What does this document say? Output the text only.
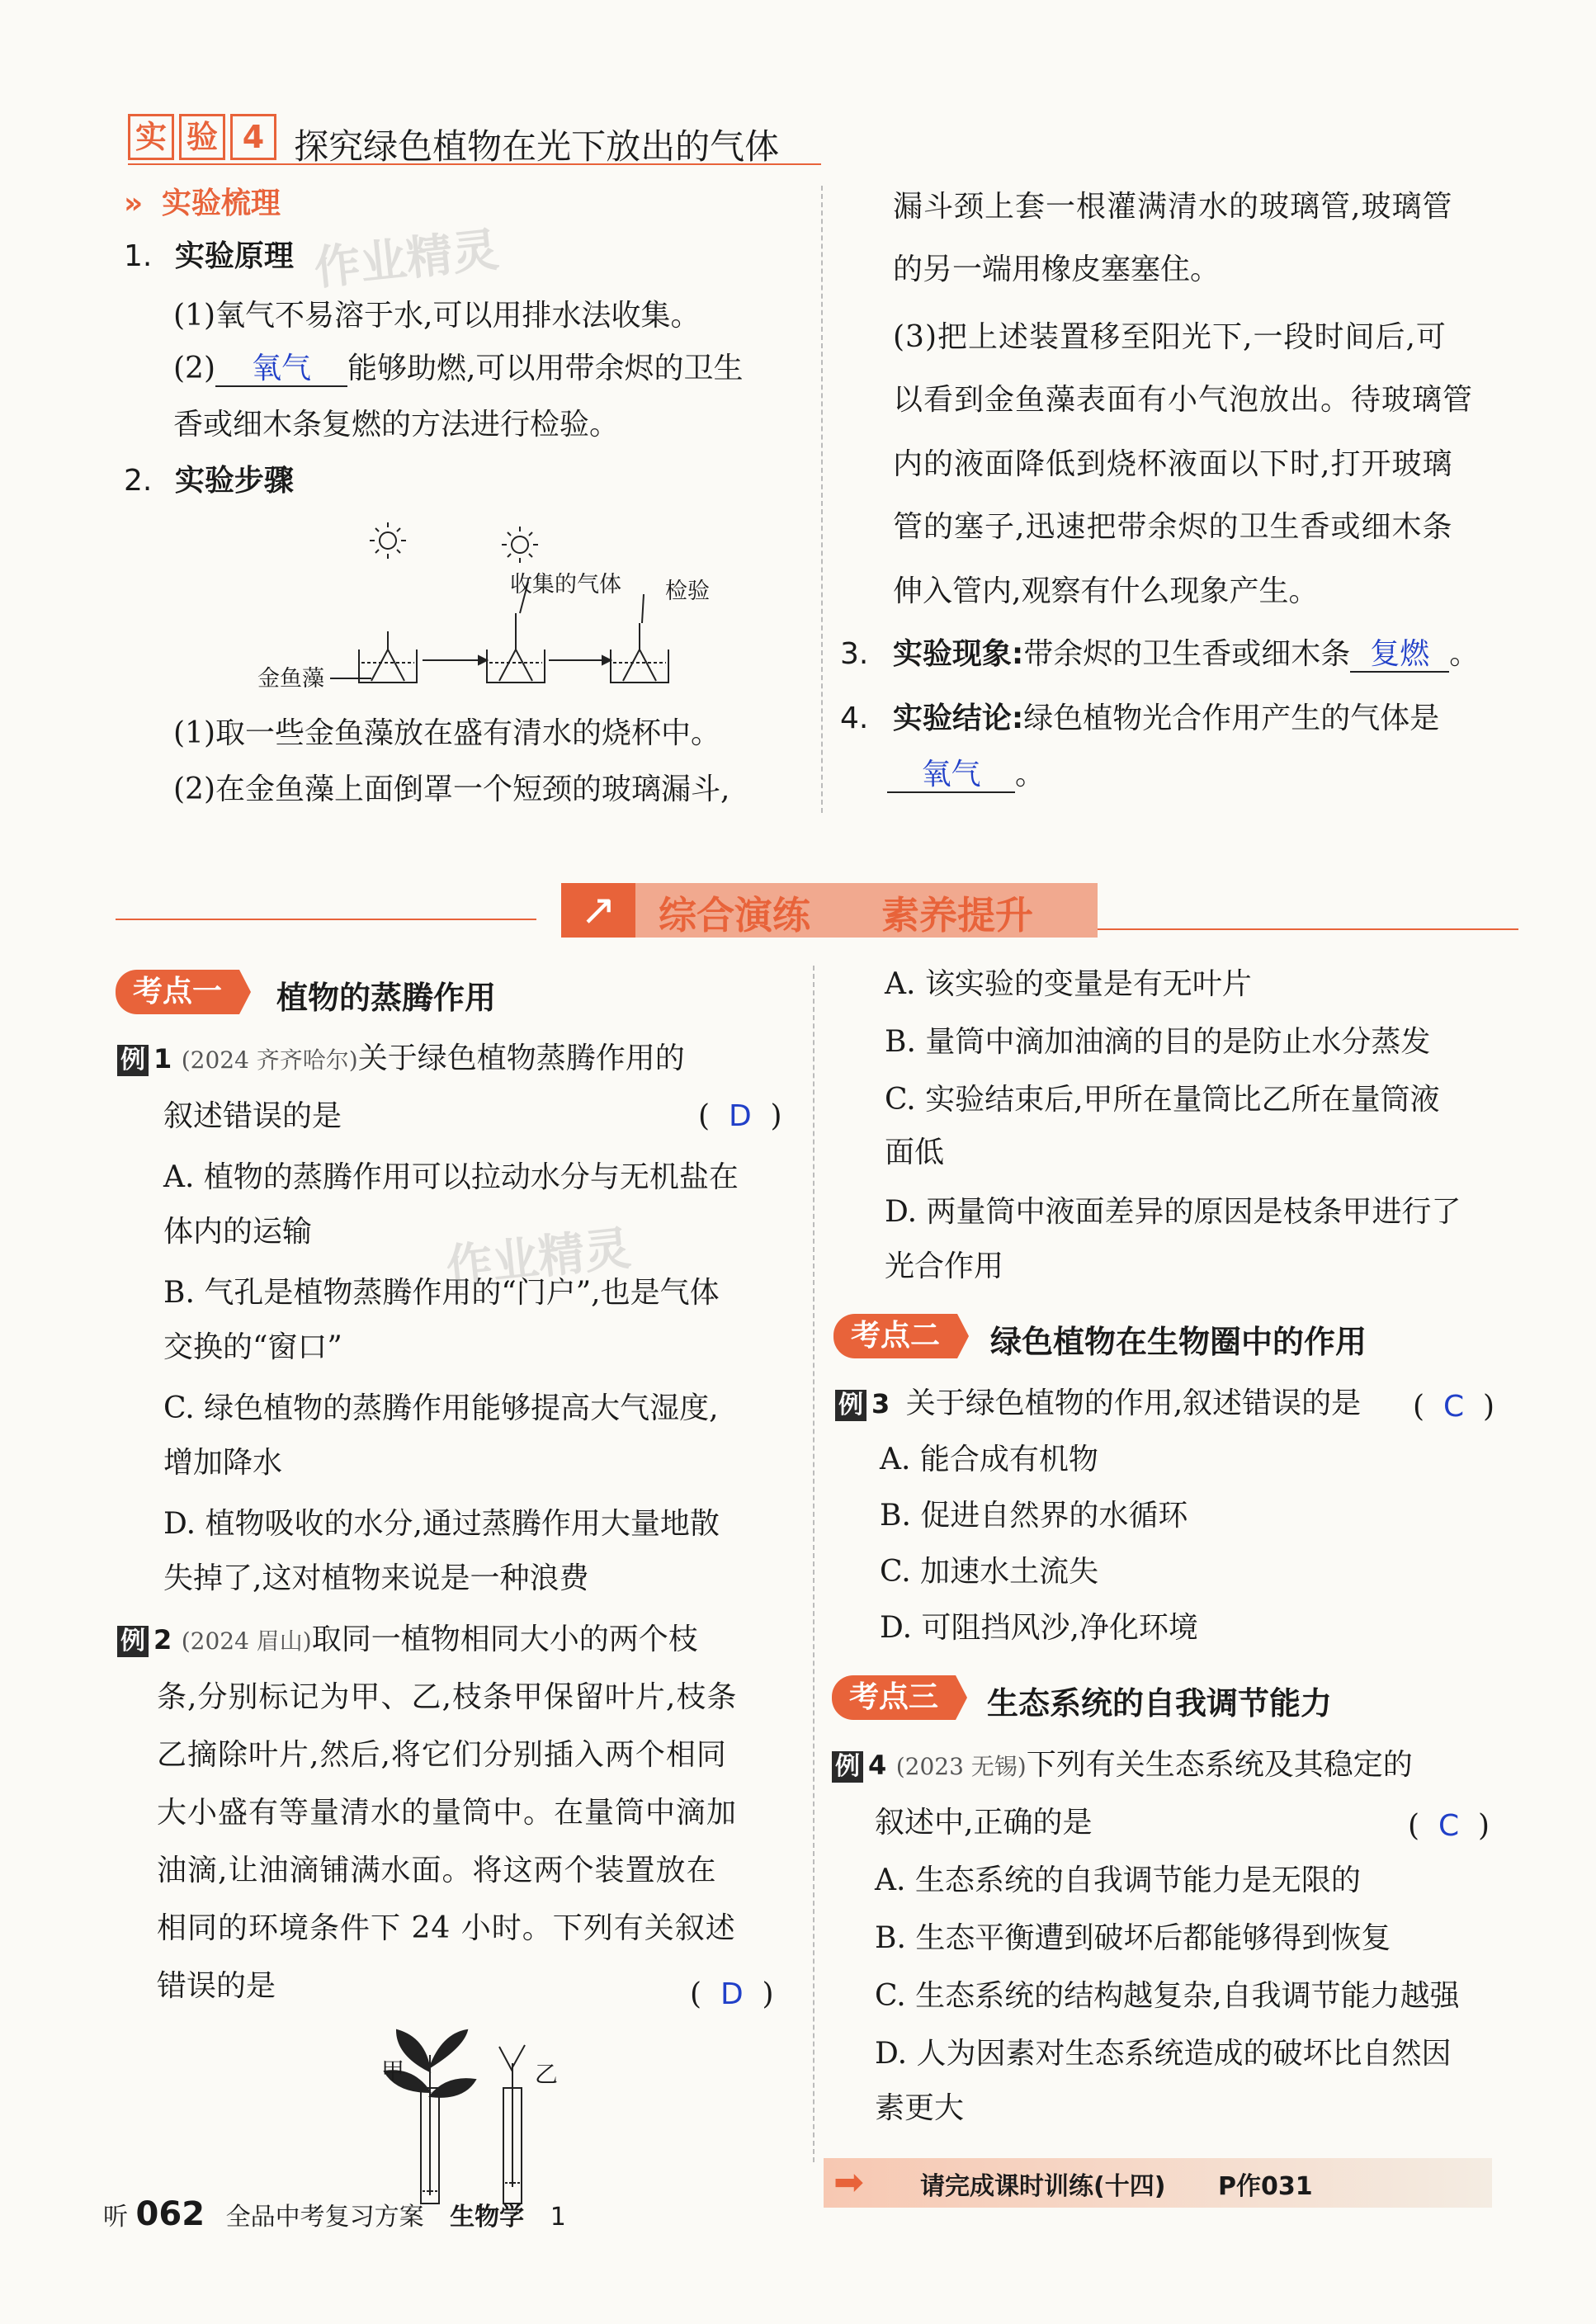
实 验 4 探究绿色植物在光下放出的气体
» 实验梳理
1. 实验原理
(1)氧气不易溶于水,可以用排水法收集。
(2) 氧气 能够助燃,可以用带余烬的卫生
香或细木条复燃的方法进行检验。
2. 实验步骤
收集的气体 检验
金鱼藻
(1)取一些金鱼藻放在盛有清水的烧杯中。
(2)在金鱼藻上面倒罩一个短颈的玻璃漏斗,
漏斗颈上套一根灌满清水的玻璃管,玻璃管
的另一端用橡皮塞塞住。
(3)把上述装置移至阳光下,一段时间后,可
以看到金鱼藻表面有小气泡放出。待玻璃管
内的液面降低到烧杯液面以下时,打开玻璃
管的塞子,迅速把带余烬的卫生香或细木条
伸入管内,观察有什么现象产生。
3. 实验现象:带余烬的卫生香或细木条 复燃 。
4. 实验结论:绿色植物光合作用产生的气体是
氧气 。
↗	综合演练 素养提升
考点一	植物的蒸腾作用
例 1 (2024 齐齐哈尔)关于绿色植物蒸腾作用的
叙述错误的是	(  D  )
A. 植物的蒸腾作用可以拉动水分与无机盐在
体内的运输
B. 气孔是植物蒸腾作用的“门户”,也是气体
交换的“窗口”
C. 绿色植物的蒸腾作用能够提高大气湿度,
增加降水
D. 植物吸收的水分,通过蒸腾作用大量地散
失掉了,这对植物来说是一种浪费
例 2 (2024 眉山)取同一植物相同大小的两个枝
条,分别标记为甲、乙,枝条甲保留叶片,枝条
乙摘除叶片,然后,将它们分别插入两个相同
大小盛有等量清水的量筒中。在量筒中滴加
油滴,让油滴铺满水面。将这两个装置放在
相同的环境条件下 24 小时。下列有关叙述
错误的是	(  D  )
甲	乙
A. 该实验的变量是有无叶片
B. 量筒中滴加油滴的目的是防止水分蒸发
C. 实验结束后,甲所在量筒比乙所在量筒液
面低
D. 两量筒中液面差异的原因是枝条甲进行了
光合作用
考点二	绿色植物在生物圈中的作用
例 3 关于绿色植物的作用,叙述错误的是 (  C  )
A. 能合成有机物
B. 促进自然界的水循环
C. 加速水土流失
D. 可阻挡风沙,净化环境
考点三	生态系统的自我调节能力
例 4 (2023 无锡)下列有关生态系统及其稳定的
叙述中,正确的是	(  C  )
A. 生态系统的自我调节能力是无限的
B. 生态平衡遭到破坏后都能够得到恢复
C. 生态系统的结构越复杂,自我调节能力越强
D. 人为因素对生态系统造成的破坏比自然因
素更大
➡ 请完成课时训练(十四) P作031
听 062 全品中考复习方案 生物学 1
作业精灵
作业精灵
